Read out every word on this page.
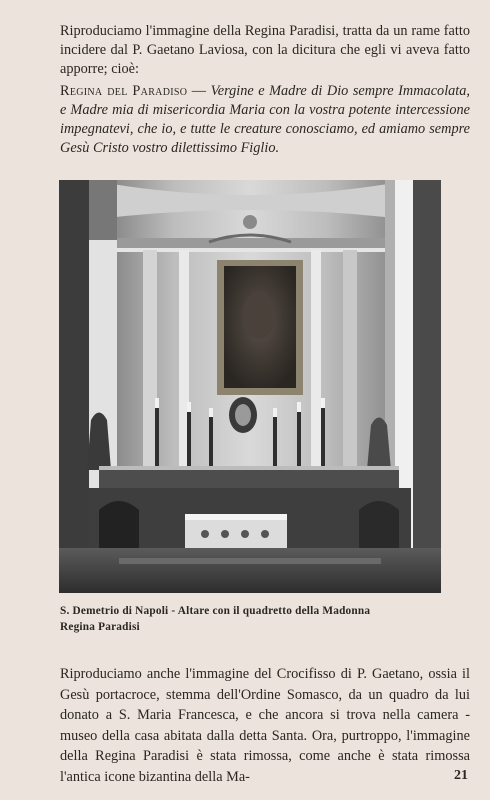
Riproduciamo l'immagine della Regina Paradisi, tratta da un rame fatto incidere dal P. Gaetano Laviosa, con la dicitura che egli vi aveva fatto apporre; cioè:

Regina del Paradiso — Vergine e Madre di Dio sempre Immacolata, e Madre mia di misericordia Maria con la vostra potente intercessione impegnatevi, che io, e tutte le creature conosciamo, ed amiamo sempre Gesù Cristo vostro dilettissimo Figlio.

S. Demetrio di Napoli - Altare con il quadretto della Madonna
Regina Paradisi

Riproduciamo anche l'immagine del Crocifisso di P. Gaetano, ossia il Gesù portacroce, stemma dell'Ordine Somasco, da un quadro da lui donato a S. Maria Francesca, e che ancora si trova nella camera - museo della casa abitata dalla detta Santa. Ora, purtroppo, l'immagine della Regina Paradisi è stata rimossa, come anche è stata rimossa l'antica icone bizantina della Ma-	21
